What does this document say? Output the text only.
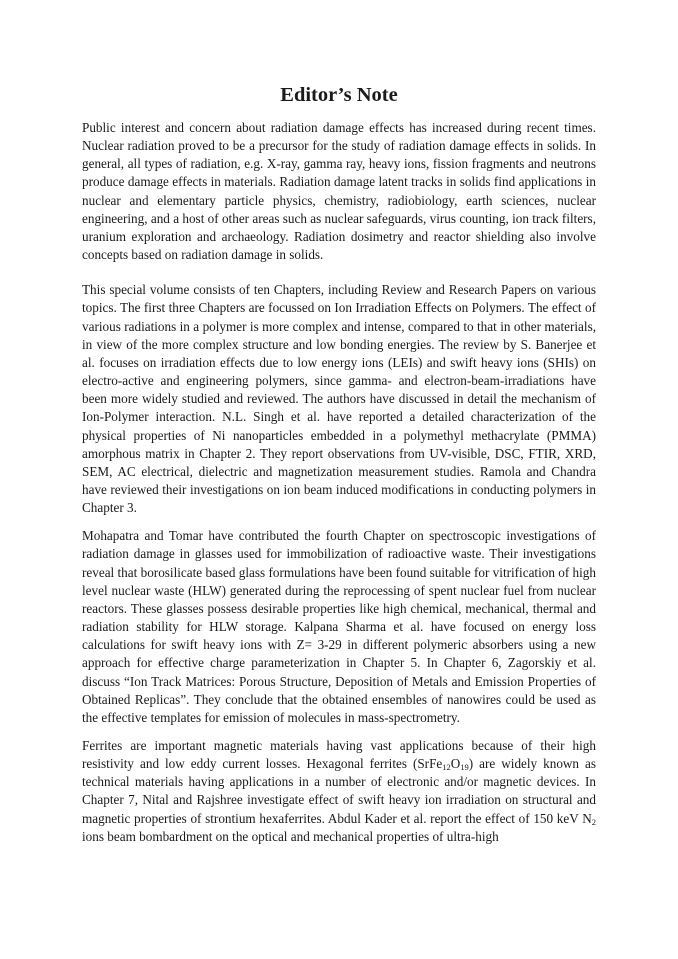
Editor’s Note

Public interest and concern about radiation damage effects has increased during recent times. Nuclear radiation proved to be a precursor for the study of radiation damage effects in solids. In general, all types of radiation, e.g. X-ray, gamma ray, heavy ions, fission fragments and neutrons produce damage effects in materials. Radiation damage latent tracks in solids find applications in nuclear and elementary particle physics, chemistry, radiobiology, earth sciences, nuclear engineering, and a host of other areas such as nuclear safeguards, virus counting, ion track filters, uranium exploration and archaeology. Radiation dosimetry and reactor shielding also involve concepts based on radiation damage in solids.

This special volume consists of ten Chapters, including Review and Research Papers on various topics. The first three Chapters are focussed on Ion Irradiation Effects on Polymers. The effect of various radiations in a polymer is more complex and intense, compared to that in other materials, in view of the more complex structure and low bonding energies. The review by S. Banerjee et al. focuses on irradiation effects due to low energy ions (LEIs) and swift heavy ions (SHIs) on electro-active and engineering polymers, since gamma- and electron-beam-irradiations have been more widely studied and reviewed. The authors have discussed in detail the mechanism of Ion-Polymer interaction. N.L. Singh et al. have reported a detailed characterization of the physical properties of Ni nanoparticles embedded in a polymethyl methacrylate (PMMA) amorphous matrix in Chapter 2. They report observations from UV-visible, DSC, FTIR, XRD, SEM, AC electrical, dielectric and magnetization measurement studies. Ramola and Chandra have reviewed their investigations on ion beam induced modifications in conducting polymers in Chapter 3.

Mohapatra and Tomar have contributed the fourth Chapter on spectroscopic investigations of radiation damage in glasses used for immobilization of radioactive waste. Their investigations reveal that borosilicate based glass formulations have been found suitable for vitrification of high level nuclear waste (HLW) generated during the reprocessing of spent nuclear fuel from nuclear reactors. These glasses possess desirable properties like high chemical, mechanical, thermal and radiation stability for HLW storage. Kalpana Sharma et al. have focused on energy loss calculations for swift heavy ions with Z= 3-29 in different polymeric absorbers using a new approach for effective charge parameterization in Chapter 5. In Chapter 6, Zagorskiy et al. discuss “Ion Track Matrices: Porous Structure, Deposition of Metals and Emission Properties of Obtained Replicas”. They conclude that the obtained ensembles of nanowires could be used as the effective templates for emission of molecules in mass-spectrometry.

Ferrites are important magnetic materials having vast applications because of their high resistivity and low eddy current losses. Hexagonal ferrites $(SrFe_{12}O_{19})$ are widely known as technical materials having applications in a number of electronic and/or magnetic devices. In Chapter 7, Nital and Rajshree investigate effect of swift heavy ion irradiation on structural and magnetic properties of strontium hexaferrites. Abdul Kader et al. report the effect of 150 keV $N_2$ ions beam bombardment on the optical and mechanical properties of ultra-high
